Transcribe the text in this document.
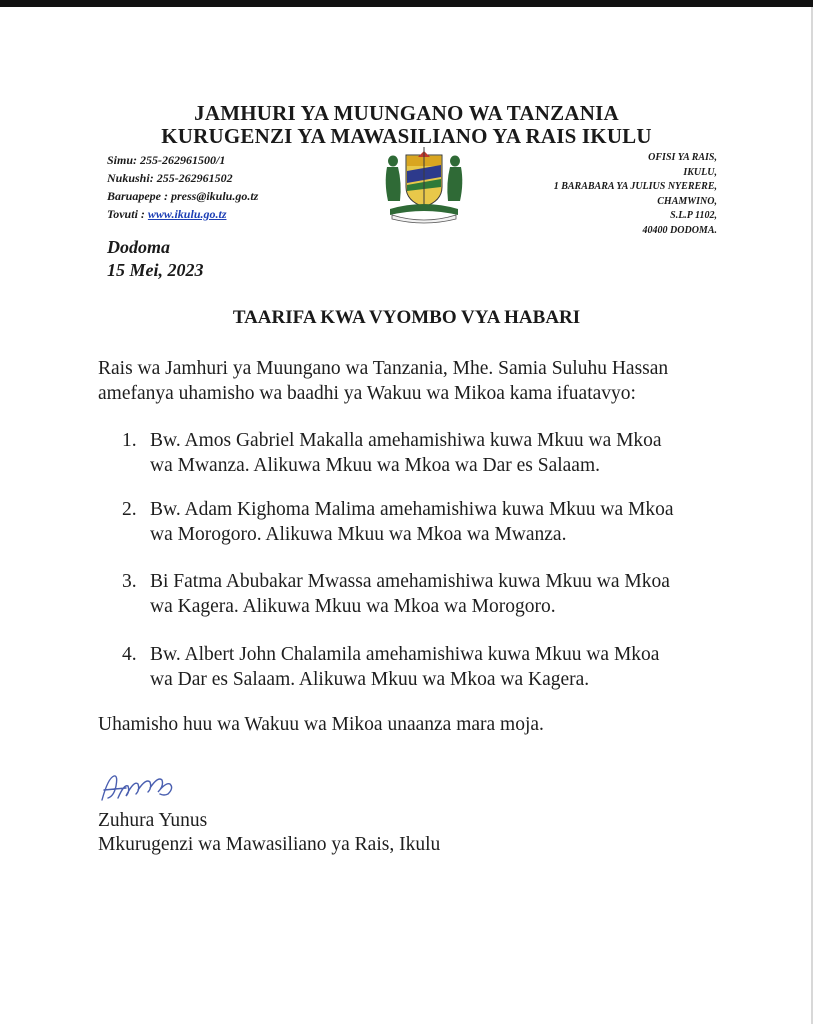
JAMHURI YA MUUNGANO WA TANZANIA
KURUGENZI YA MAWASILIANO YA RAIS IKULU
Simu: 255-262961500/1
Nukushi: 255-262961502
Baruapepe : press@ikulu.go.tz
Tovuti : www.ikulu.go.tz
OFISI YA RAIS,
IKULU,
1 BARABARA YA JULIUS NYERERE,
CHAMWINO,
S.L.P 1102,
40400 DODOMA.
Dodoma
15 Mei, 2023
TAARIFA KWA VYOMBO VYA HABARI
Rais wa Jamhuri ya Muungano wa Tanzania, Mhe. Samia Suluhu Hassan amefanya uhamisho wa baadhi ya Wakuu wa Mikoa kama ifuatavyo:
1. Bw. Amos Gabriel Makalla amehamishiwa kuwa Mkuu wa Mkoa
wa Mwanza. Alikuwa Mkuu wa Mkoa wa Dar es Salaam.
2. Bw. Adam Kighoma Malima amehamishiwa kuwa Mkuu wa Mkoa
wa Morogoro. Alikuwa Mkuu wa Mkoa wa Mwanza.
3. Bi Fatma Abubakar Mwassa amehamishiwa kuwa Mkuu wa Mkoa
wa Kagera. Alikuwa Mkuu wa Mkoa wa Morogoro.
4. Bw. Albert John Chalamila amehamishiwa kuwa Mkuu wa Mkoa
wa Dar es Salaam. Alikuwa Mkuu wa Mkoa wa Kagera.
Uhamisho huu wa Wakuu wa Mikoa unaanza mara moja.
Zuhura Yunus
Mkurugenzi wa Mawasiliano ya Rais, Ikulu
